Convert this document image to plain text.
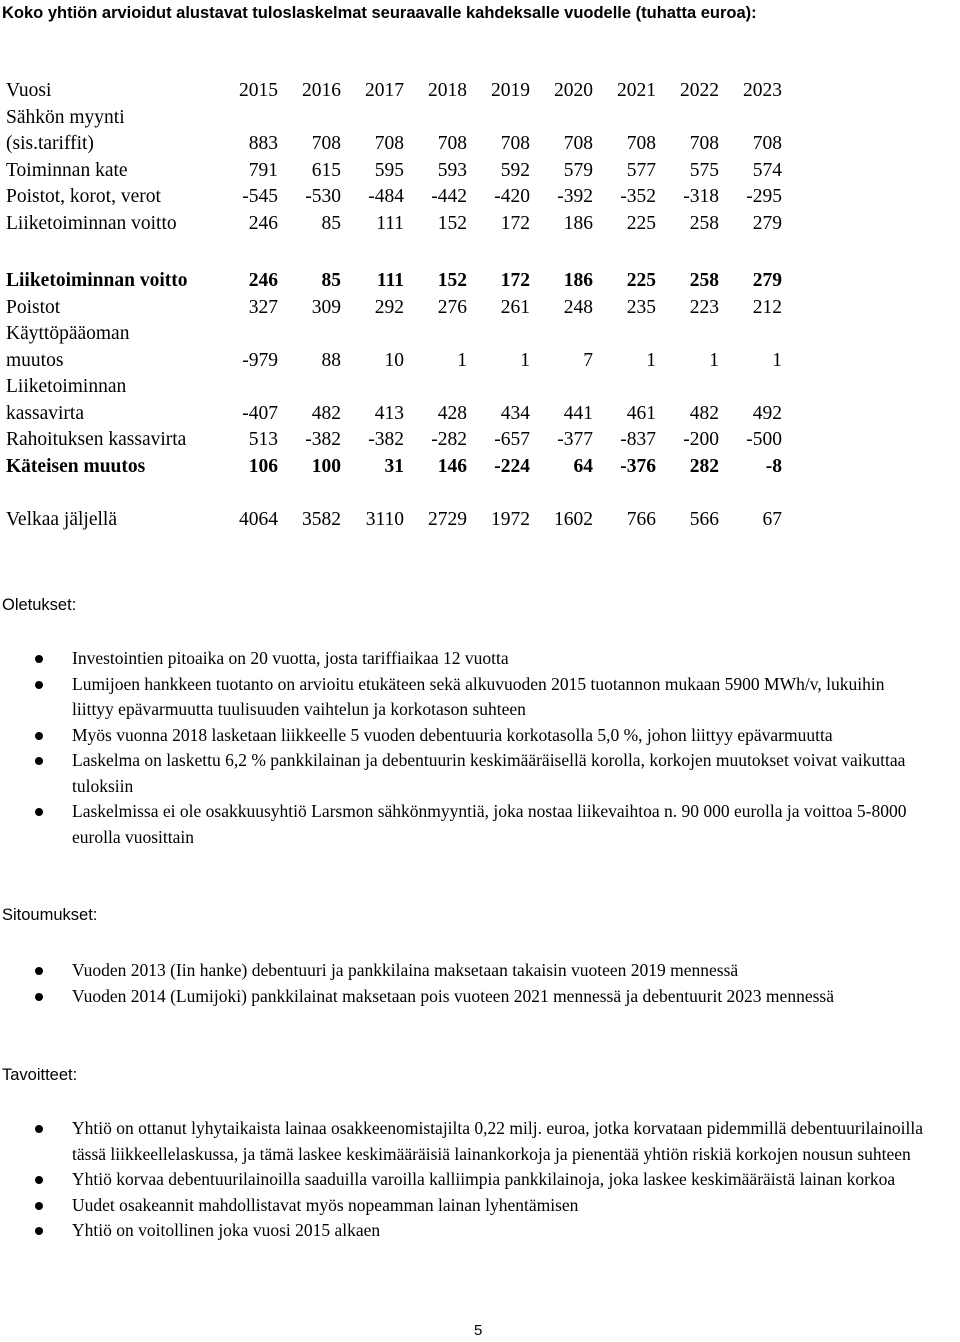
Koko yhtiön arvioidut alustavat tuloslaskelmat seuraavalle kahdeksalle vuodelle (tuhatta euroa):
Vuosi	2015	2016	2017	2018	2019	2020	2021	2022	2023
Sähkön myynti
(sis.tariffit)	883	708	708	708	708	708	708	708	708
Toiminnan kate	791	615	595	593	592	579	577	575	574
Poistot, korot, verot	-545	-530	-484	-442	-420	-392	-352	-318	-295
Liiketoiminnan voitto	246	85	111	152	172	186	225	258	279
Liiketoiminnan voitto	246	85	111	152	172	186	225	258	279
Poistot	327	309	292	276	261	248	235	223	212
Käyttöpääoman
muutos	-979	88	10	1	1	7	1	1	1
Liiketoiminnan
kassavirta	-407	482	413	428	434	441	461	482	492
Rahoituksen kassavirta	513	-382	-382	-282	-657	-377	-837	-200	-500
Käteisen muutos	106	100	31	146	-224	64	-376	282	-8
Velkaa jäljellä	4064	3582	3110	2729	1972	1602	766	566	67
Oletukset:
Investointien pitoaika on 20 vuotta, josta tariffiaikaa 12 vuotta
Lumijoen hankkeen tuotanto on arvioitu etukäteen sekä alkuvuoden 2015 tuotannon mukaan 5900 MWh/v, lukuihin liittyy epävarmuutta tuulisuuden vaihtelun ja korkotason suhteen
Myös vuonna 2018 lasketaan liikkeelle 5 vuoden debentuuria korkotasolla 5,0 %, johon liittyy epävarmuutta
Laskelma on laskettu 6,2 % pankkilainan ja debentuurin keskimääräisellä korolla, korkojen muutokset voivat vaikuttaa tuloksiin
Laskelmissa ei ole osakkuusyhtiö Larsmon sähkönmyyntiä, joka nostaa liikevaihtoa n. 90 000 eurolla ja voittoa 5-8000 eurolla vuosittain
Sitoumukset:
Vuoden 2013 (Iin hanke) debentuuri ja pankkilaina maksetaan takaisin vuoteen 2019 mennessä
Vuoden 2014 (Lumijoki) pankkilainat maksetaan pois vuoteen 2021 mennessä ja debentuurit 2023 mennessä
Tavoitteet:
Yhtiö on ottanut lyhytaikaista lainaa osakkeenomistajilta 0,22 milj. euroa, jotka korvataan pidemmillä debentuurilainoilla tässä liikkeellelaskussa, ja tämä laskee keskimääräisiä lainankorkoja ja pienentää yhtiön riskiä korkojen nousun suhteen
Yhtiö korvaa debentuurilainoilla saaduilla varoilla kalliimpia pankkilainoja, joka laskee keskimääräistä lainan korkoa
Uudet osakeannit mahdollistavat myös nopeamman lainan lyhentämisen
Yhtiö on voitollinen joka vuosi 2015 alkaen
5
